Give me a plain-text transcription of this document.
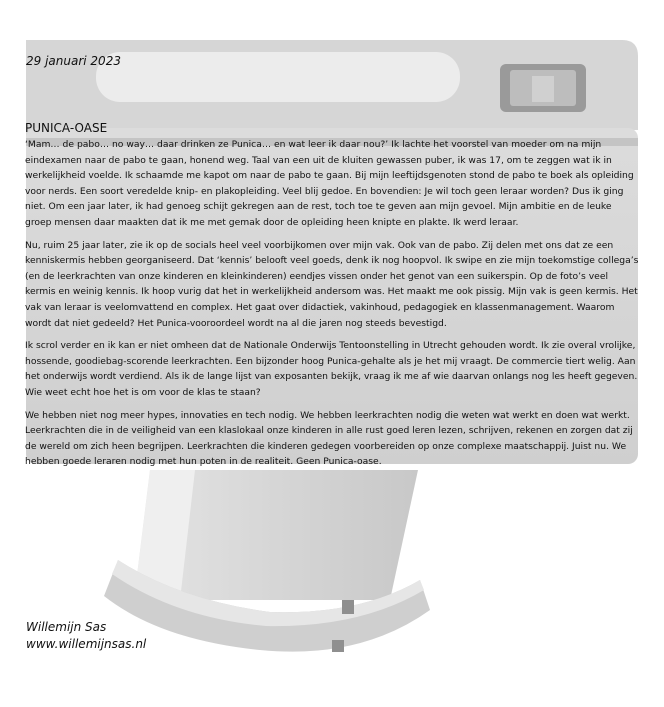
29 januari 2023
PUNICA-OASE

‘Mam… de pabo… no way… daar drinken ze Punica… en wat leer ik daar nou?’ Ik lachte het voorstel van moeder om na mijn eindexamen naar de pabo te gaan, honend weg. Taal van een uit de kluiten gewassen puber, ik was 17, om te zeggen wat ik in werkelijkheid voelde. Ik schaamde me kapot om naar de pabo te gaan. Bij mijn leeftijdsgenoten stond de pabo te boek als opleiding voor nerds. Een soort veredelde knip- en plakopleiding. Veel blij gedoe. En bovendien: Je wil toch geen leraar worden? Dus ik ging niet. Om een jaar later, ik had genoeg schijt gekregen aan de rest, toch toe te geven aan mijn gevoel. Mijn ambitie en de leuke groep mensen daar maakten dat ik me met gemak door de opleiding heen knipte en plakte. Ik werd leraar.

Nu, ruim 25 jaar later, zie ik op de socials heel veel voorbijkomen over mijn vak. Ook van de pabo. Zij delen met ons dat ze een kenniskermis hebben georganiseerd. Dat ‘kennis’ belooft veel goeds, denk ik nog hoopvol. Ik swipe en zie mijn toekomstige collega’s (en de leerkrachten van onze kinderen en kleinkinderen) eendjes vissen onder het genot van een suikerspin. Op de foto’s veel kermis en weinig kennis. Ik hoop vurig dat het in werkelijkheid andersom was. Het maakt me ook pissig. Mijn vak is geen kermis. Het vak van leraar is veelomvattend en complex. Het gaat over didactiek, vakinhoud, pedagogiek en klassenmanagement. Waarom wordt dat niet gedeeld? Het Punica-vooroordeel wordt na al die jaren nog steeds bevestigd.

Ik scrol verder en ik kan er niet omheen dat de Nationale Onderwijs Tentoonstelling in Utrecht gehouden wordt. Ik zie overal vrolijke, hossende, goodiebag-scorende leerkrachten. Een bijzonder hoog Punica-gehalte als je het mij vraagt. De commercie tiert welig. Aan het onderwijs wordt verdiend. Als ik de lange lijst van exposanten bekijk, vraag ik me af wie daarvan onlangs nog les heeft gegeven. Wie weet echt hoe het is om voor de klas te staan?

We hebben niet nog meer hypes, innovaties en tech nodig. We hebben leerkrachten nodig die weten wat werkt en doen wat werkt. Leerkrachten die in de veiligheid van een klaslokaal onze kinderen in alle rust goed leren lezen, schrijven, rekenen en zorgen dat zij de wereld om zich heen begrijpen. Leerkrachten die kinderen gedegen voorbereiden op onze complexe maatschappij. Juist nu. We hebben goede leraren nodig met hun poten in de realiteit. Geen Punica-oase.

Willemijn Sas
www.willemijnsas.nl
